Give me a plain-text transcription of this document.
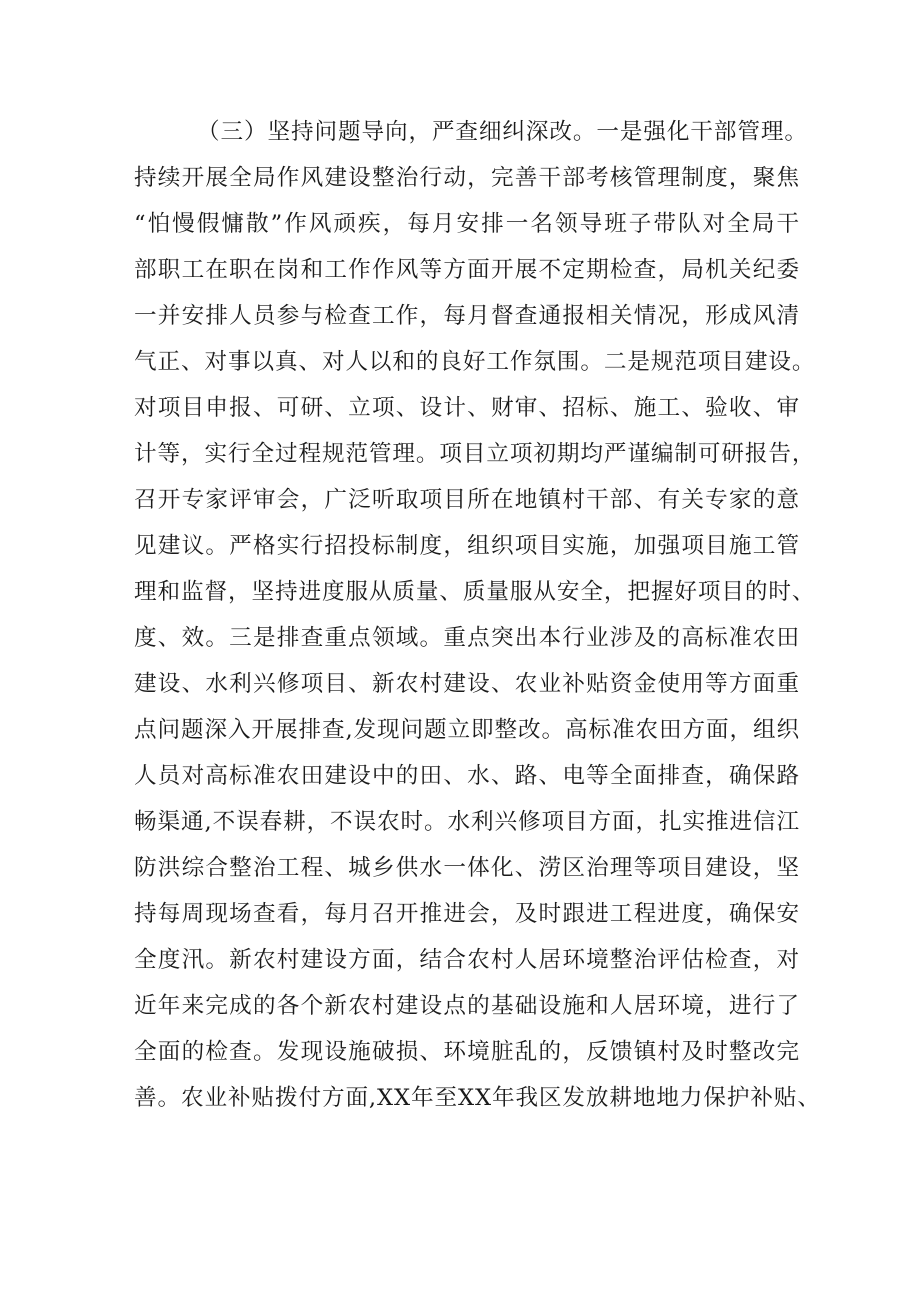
（三）坚持问题导向，严查细纠深改。一是强化干部管理。
持续开展全局作风建设整治行动，完善干部考核管理制度，聚焦
“怕慢假慵散”作风顽疾，每月安排一名领导班子带队对全局干
部职工在职在岗和工作作风等方面开展不定期检查，局机关纪委
一并安排人员参与检查工作，每月督查通报相关情况，形成风清
气正、对事以真、对人以和的良好工作氛围。二是规范项目建设。
对项目申报、可研、立项、设计、财审、招标、施工、验收、审
计等，实行全过程规范管理。项目立项初期均严谨编制可研报告，
召开专家评审会，广泛听取项目所在地镇村干部、有关专家的意
见建议。严格实行招投标制度，组织项目实施，加强项目施工管
理和监督，坚持进度服从质量、质量服从安全，把握好项目的时、
度、效。三是排查重点领域。重点突出本行业涉及的高标准农田
建设、水利兴修项目、新农村建设、农业补贴资金使用等方面重
点问题深入开展排查,发现问题立即整改。高标准农田方面，组织
人员对高标准农田建设中的田、水、路、电等全面排查，确保路
畅渠通,不误春耕，不误农时。水利兴修项目方面，扎实推进信江
防洪综合整治工程、城乡供水一体化、涝区治理等项目建设，坚
持每周现场查看，每月召开推进会，及时跟进工程进度，确保安
全度汛。新农村建设方面，结合农村人居环境整治评估检查，对
近年来完成的各个新农村建设点的基础设施和人居环境，进行了
全面的检查。发现设施破损、环境脏乱的，反馈镇村及时整改完
善。农业补贴拨付方面,XX年至XX年我区发放耕地地力保护补贴、
